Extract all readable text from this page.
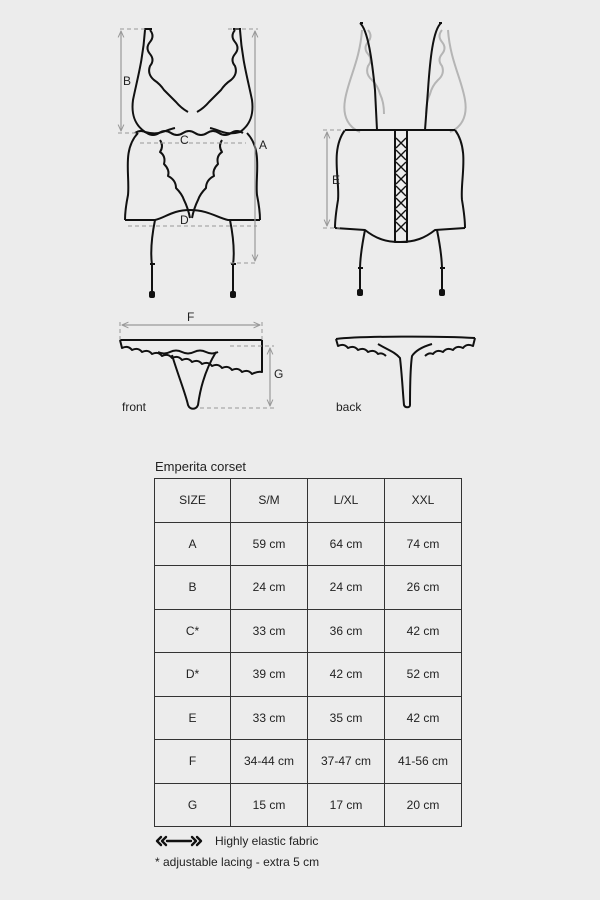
B
A
C
D
E
F
G
front	back
Emperita corset
SIZE	S/M	L/XL	XXL
A	59 cm	64 cm	74 cm
B	24 cm	24 cm	26 cm
C*	33 cm	36 cm	42 cm
D*	39 cm	42 cm	52 cm
E	33 cm	35 cm	42 cm
F	34-44 cm	37-47 cm	41-56 cm
G	15 cm	17 cm	20 cm
Highly elastic fabric
* adjustable lacing - extra 5 cm
